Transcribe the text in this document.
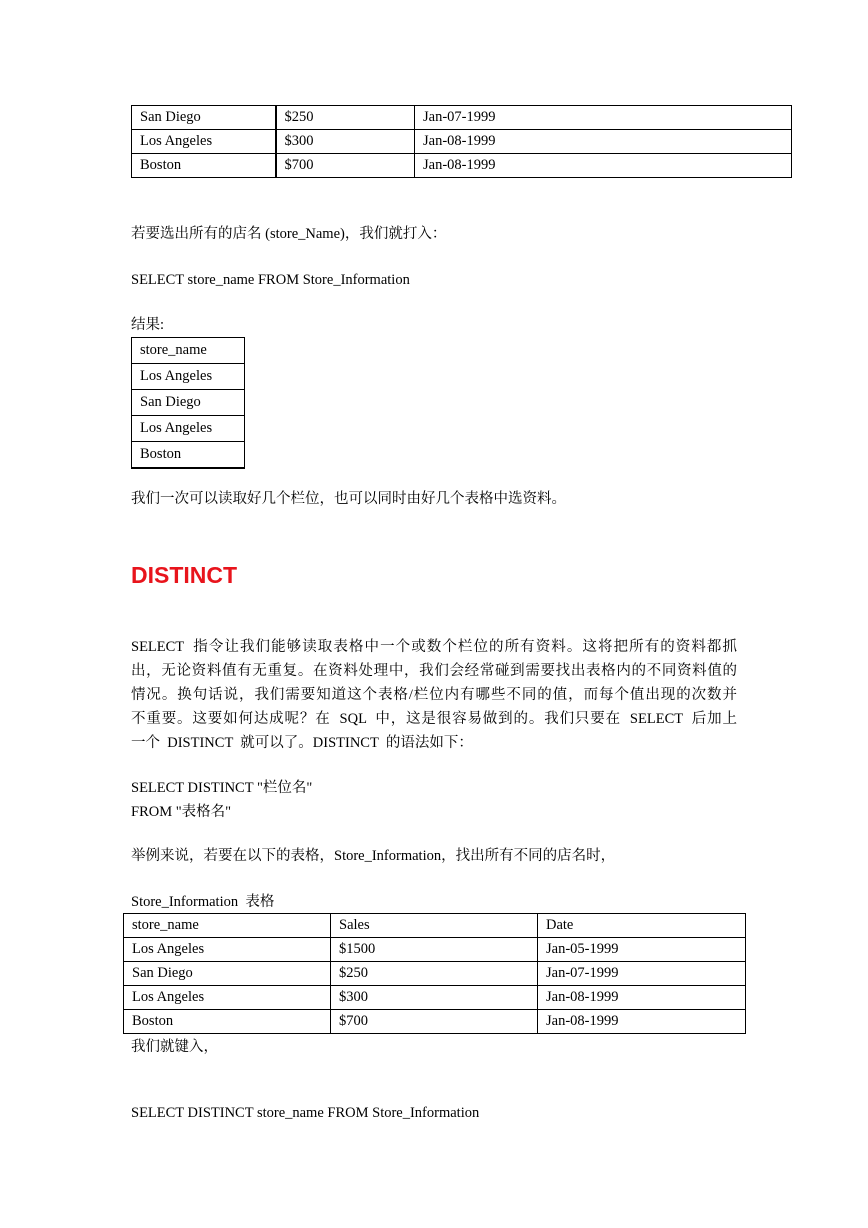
San Diego	$250	Jan-07-1999
Los Angeles	$300	Jan-08-1999
Boston	$700	Jan-08-1999
若要选出所有的店名 (store_Name)，我们就打入：
SELECT store_name FROM Store_Information
结果:
store_name
Los Angeles
San Diego
Los Angeles
Boston
我们一次可以读取好几个栏位，也可以同时由好几个表格中选资料。
DISTINCT
SELECT  指令让我们能够读取表格中一个或数个栏位的所有资料。这将把所有的资料都抓
出，无论资料值有无重复。在资料处理中，我们会经常碰到需要找出表格内的不同资料值的
情况。换句话说，我们需要知道这个表格/栏位内有哪些不同的值，而每个值出现的次数并
不重要。这要如何达成呢？在  SQL  中，这是很容易做到的。我们只要在  SELECT  后加上
一个  DISTINCT  就可以了。DISTINCT  的语法如下：
SELECT DISTINCT "栏位名"
FROM "表格名"
举例来说，若要在以下的表格，Store_Information，找出所有不同的店名时，
Store_Information  表格
store_name	Sales	Date
Los Angeles	$1500	Jan-05-1999
San Diego	$250	Jan-07-1999
Los Angeles	$300	Jan-08-1999
Boston	$700	Jan-08-1999
我们就键入，
SELECT DISTINCT store_name FROM Store_Information
